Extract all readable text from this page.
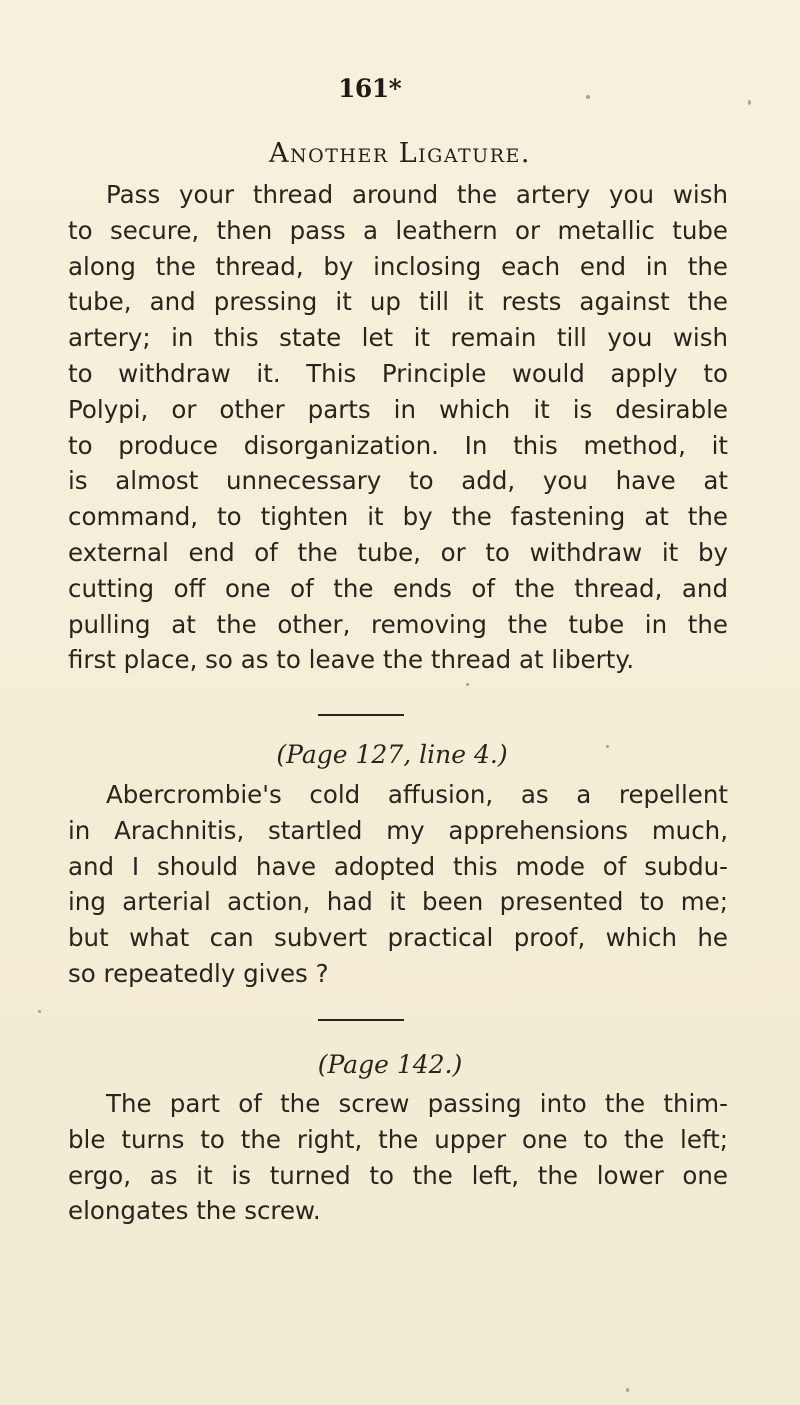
161*
Another Ligature.
Pass your thread around the artery you wish
to secure, then pass a leathern or metallic tube
along the thread, by inclosing each end in the
tube, and pressing it up till it rests against the
artery; in this state let it remain till you wish
to withdraw it. This Principle would apply to
Polypi, or other parts in which it is desirable
to produce disorganization. In this method, it
is almost unnecessary to add, you have at
command, to tighten it by the fastening at the
external end of the tube, or to withdraw it by
cutting off one of the ends of the thread, and
pulling at the other, removing the tube in the
first place, so as to leave the thread at liberty.
(Page 127, line 4.)
Abercrombie's cold affusion, as a repellent
in Arachnitis, startled my apprehensions much,
and I should have adopted this mode of subdu-
ing arterial action, had it been presented to me;
but what can subvert practical proof, which he
so repeatedly gives ?
(Page 142.)
The part of the screw passing into the thim-
ble turns to the right, the upper one to the left;
ergo, as it is turned to the left, the lower one
elongates the screw.
